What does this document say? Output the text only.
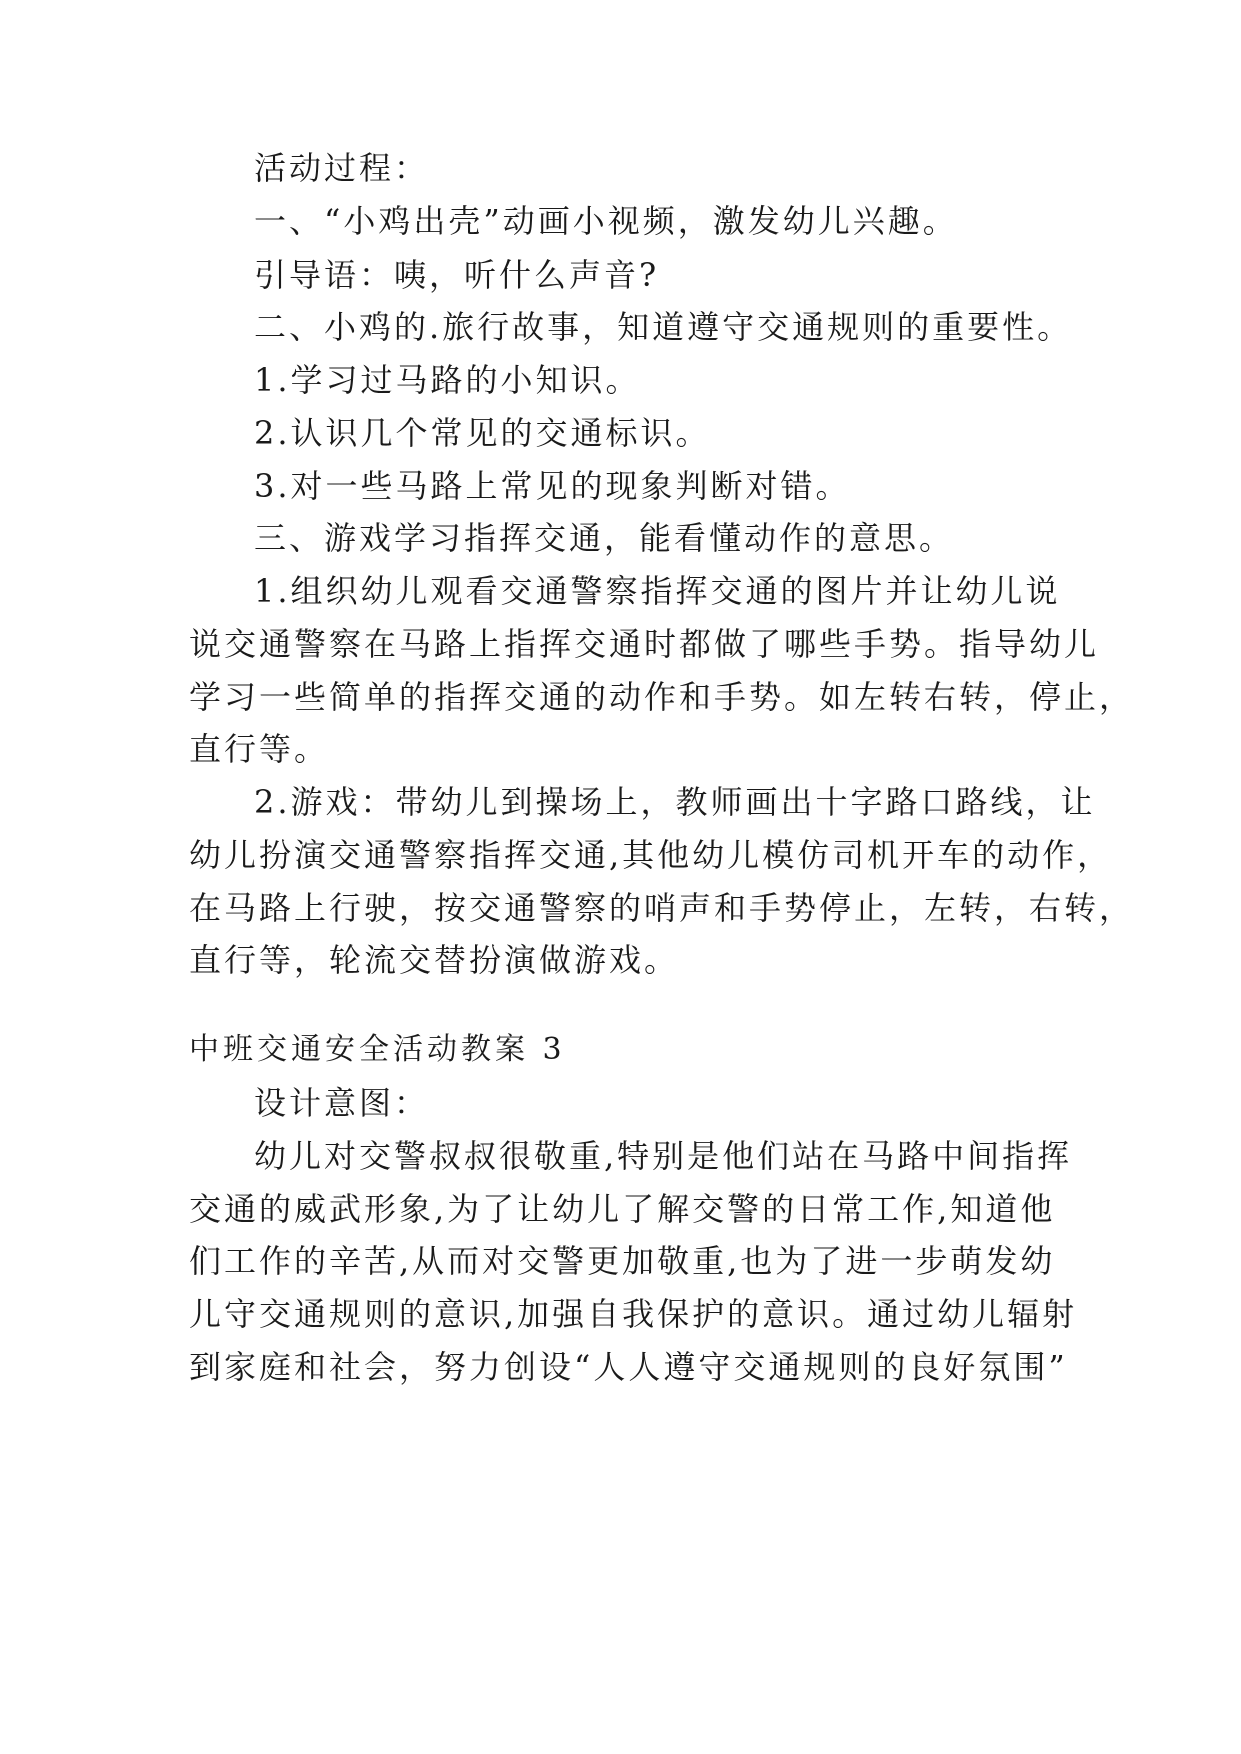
活动过程：
一、“小鸡出壳”动画小视频，激发幼儿兴趣。
引导语：咦，听什么声音?
二、小鸡的.旅行故事，知道遵守交通规则的重要性。
1.学习过马路的小知识。
2.认识几个常见的交通标识。
3.对一些马路上常见的现象判断对错。
三、游戏学习指挥交通，能看懂动作的意思。
1.组织幼儿观看交通警察指挥交通的图片并让幼儿说
说交通警察在马路上指挥交通时都做了哪些手势。指导幼儿
学习一些简单的指挥交通的动作和手势。如左转右转，停止，
直行等。
2.游戏：带幼儿到操场上，教师画出十字路口路线，让
幼儿扮演交通警察指挥交通,其他幼儿模仿司机开车的动作，
在马路上行驶，按交通警察的哨声和手势停止，左转，右转，
直行等，轮流交替扮演做游戏。
中班交通安全活动教案 3
设计意图：
幼儿对交警叔叔很敬重,特别是他们站在马路中间指挥
交通的威武形象,为了让幼儿了解交警的日常工作,知道他
们工作的辛苦,从而对交警更加敬重,也为了进一步萌发幼
儿守交通规则的意识,加强自我保护的意识。通过幼儿辐射
到家庭和社会，努力创设“人人遵守交通规则的良好氛围”
